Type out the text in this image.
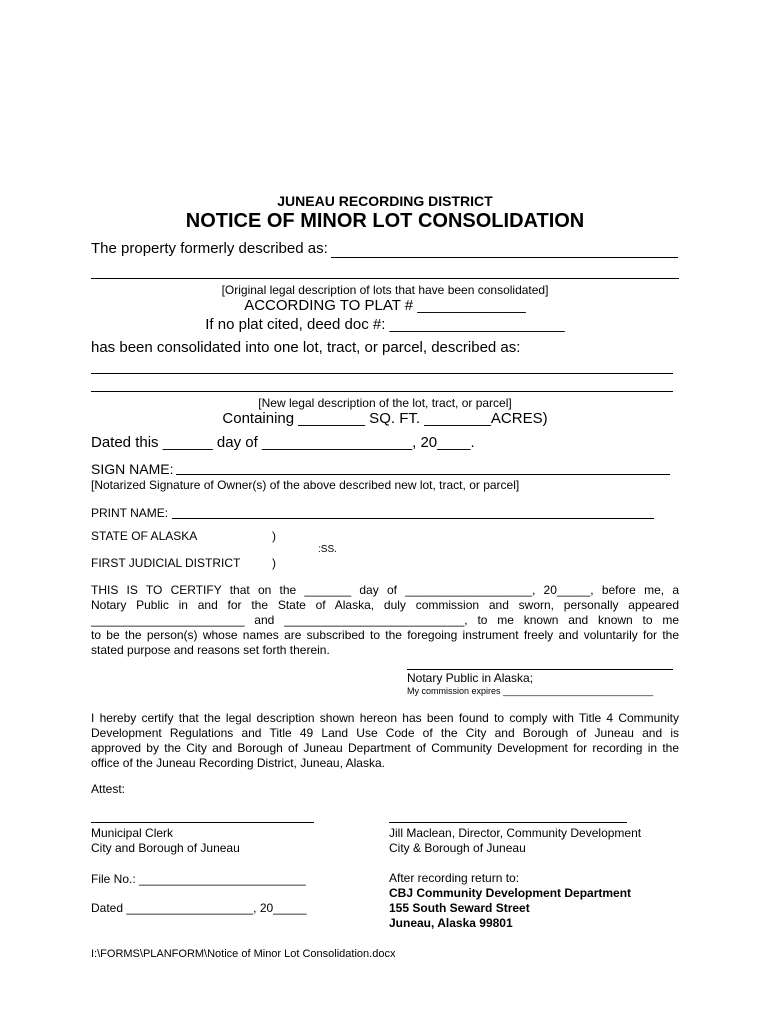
JUNEAU RECORDING DISTRICT
NOTICE OF MINOR LOT CONSOLIDATION
The property formerly described as:
[Original legal description of lots that have been consolidated]
ACCORDING TO PLAT # _____________
If no plat cited, deed doc #: _____________________
has been consolidated into one lot, tract, or parcel, described as:
[New legal description of the lot, tract, or parcel]
Containing ________ SQ. FT. ________ACRES)
Dated this ______ day of __________________, 20____.
SIGN NAME:
[Notarized Signature of Owner(s) of the above described new lot, tract, or parcel]
PRINT NAME:
STATE OF ALASKA	)
:SS.
FIRST JUDICIAL DISTRICT	)
THIS IS TO CERTIFY that on the _______ day of ___________________, 20_____, before me, a
Notary Public in and for the State of Alaska, duly commission and sworn, personally appeared
_______________________ and ___________________________, to me known and known to me
to be the person(s) whose names are subscribed to the foregoing instrument freely and voluntarily for the
stated purpose and reasons set forth therein.
Notary Public in Alaska;
My commission expires ______________________________
I hereby certify that the legal description shown hereon has been found to comply with Title 4 Community
Development Regulations and Title 49 Land Use Code of the City and Borough of Juneau and is
approved by the City and Borough of Juneau Department of Community Development for recording in the
office of the Juneau Recording District, Juneau, Alaska.
Attest:
Municipal Clerk
City and Borough of Juneau
Jill Maclean, Director, Community Development
City & Borough of Juneau
File No.: _________________________
Dated ___________________, 20_____
After recording return to:
CBJ Community Development Department
155 South Seward Street
Juneau, Alaska 99801
I:\FORMS\PLANFORM\Notice of Minor Lot Consolidation.docx
